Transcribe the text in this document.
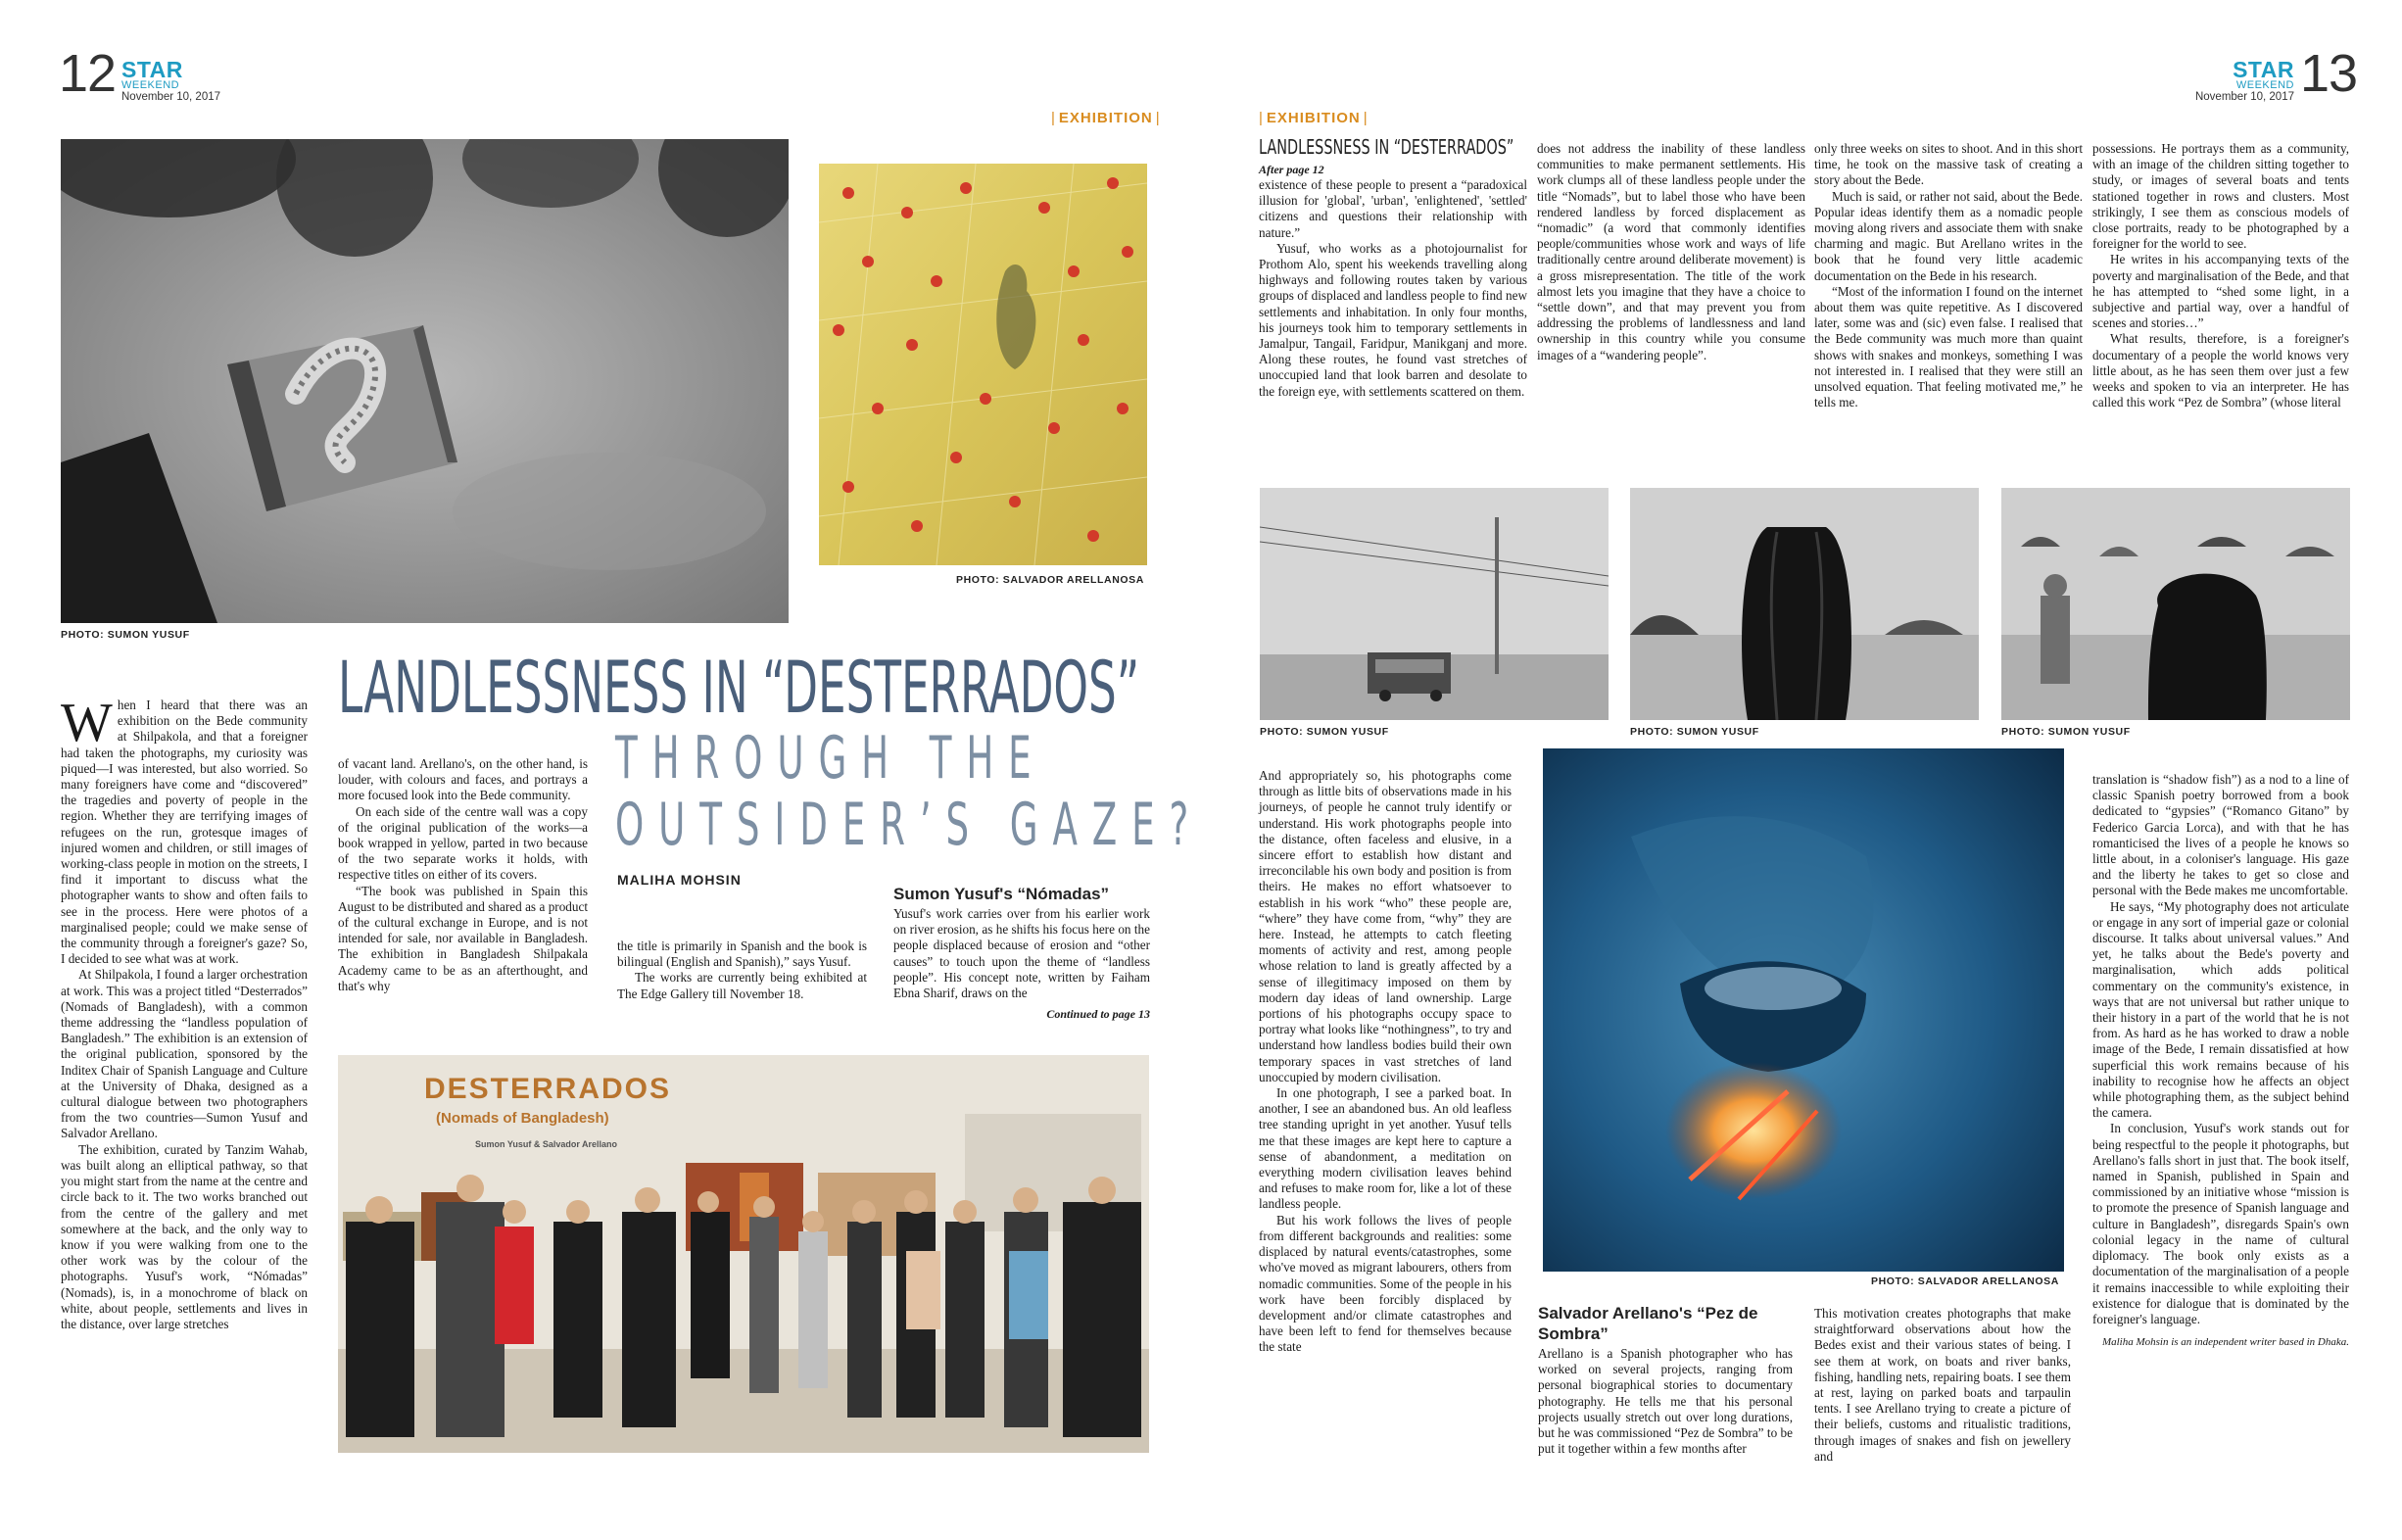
12 STAR
WEEKEND
November 10, 2017
| EXHIBITION |
PHOTO: SUMON YUSUF
PHOTO: SALVADOR ARELLANOSA
LANDLESSNESS IN “DESTERRADOS”
THROUGH THE
OUTSIDER’S GAZE?
MALIHA MOHSIN

When I heard that there was an exhibition on the Bede community at Shilpakola, and that a foreigner had taken the photographs, my curiosity was piqued—I was interested, but also worried. So many foreigners have come and “discovered” the tragedies and poverty of people in the region. Whether they are terrifying images of refugees on the run, grotesque images of injured women and children, or still images of working-class people in motion on the streets, I find it important to discuss what the photographer wants to show and often fails to see in the process. Here were photos of a marginalised people; could we make sense of the community through a foreigner's gaze? So, I decided to see what was at work.

At Shilpakola, I found a larger orchestration at work. This was a project titled “Desterrados” (Nomads of Bangladesh), with a common theme addressing the “landless population of Bangladesh.” The exhibition is an extension of the original publication, sponsored by the Inditex Chair of Spanish Language and Culture at the University of Dhaka, designed as a cultural dialogue between two photographers from the two countries—Sumon Yusuf and Salvador Arellano.

The exhibition, curated by Tanzim Wahab, was built along an elliptical pathway, so that you might start from the name at the centre and circle back to it. The two works branched out from the centre of the gallery and met somewhere at the back, and the only way to know if you were walking from one to the other work was by the colour of the photographs. Yusuf's work, “Nómadas” (Nomads), is, in a monochrome of black on white, about people, settlements and lives in the distance, over large stretches

of vacant land. Arellano's, on the other hand, is louder, with colours and faces, and portrays a more focused look into the Bede community.

On each side of the centre wall was a copy of the original publication of the works—a book wrapped in yellow, parted in two because of the two separate works it holds, with respective titles on either of its covers.

“The book was published in Spain this August to be distributed and shared as a product of the cultural exchange in Europe, and is not intended for sale, nor available in Bangladesh. The exhibition in Bangladesh Shilpakala Academy came to be as an afterthought, and that's why

the title is primarily in Spanish and the book is bilingual (English and Spanish),” says Yusuf.

The works are currently being exhibited at The Edge Gallery till November 18.

Sumon Yusuf's “Nómadas”

Yusuf's work carries over from his earlier work on river erosion, as he shifts his focus here on the people displaced because of erosion and “other causes” to touch upon the theme of “landless people”. His concept note, written by Faiham Ebna Sharif, draws on the

Continued to page 13
DESTERRADOS
(Nomads of Bangladesh)
Sumon Yusuf & Salvador Arellano
13
STAR
WEEKEND
November 10, 2017
| EXHIBITION |
LANDLESSNESS IN “DESTERRADOS”
After page 12

existence of these people to present a “paradoxical illusion for 'global', 'urban', 'enlightened', 'settled' citizens and questions their relationship with nature.”

Yusuf, who works as a photojournalist for Prothom Alo, spent his weekends travelling along highways and following routes taken by various groups of displaced and landless people to find new settlements and inhabitation. In only four months, his journeys took him to temporary settlements in Jamalpur, Tangail, Faridpur, Manikganj and more. Along these routes, he found vast stretches of unoccupied land that look barren and desolate to the foreign eye, with settlements scattered on them.

does not address the inability of these landless communities to make permanent settlements. His work clumps all of these landless people under the title “Nomads”, but to label those who have been rendered landless by forced displacement as “nomadic” (a word that commonly identifies people/communities whose work and ways of life traditionally centre around deliberate movement) is a gross misrepresentation. The title of the work almost lets you imagine that they have a choice to “settle down”, and that may prevent you from addressing the problems of landlessness and land ownership in this country while you consume images of a “wandering people”.

only three weeks on sites to shoot. And in this short time, he took on the massive task of creating a story about the Bede.

Much is said, or rather not said, about the Bede. Popular ideas identify them as a nomadic people moving along rivers and associate them with snake charming and magic. But Arellano writes in the book that he found very little academic documentation on the Bede in his research.

“Most of the information I found on the internet about them was quite repetitive. As I discovered later, some was and (sic) even false. I realised that the Bede community was much more than quaint shows with snakes and monkeys, something I was not interested in. I realised that they were still an unsolved equation. That feeling motivated me,” he tells me.

possessions. He portrays them as a community, with an image of the children sitting together to study, or images of several boats and tents stationed together in rows and clusters. Most strikingly, I see them as conscious models of close portraits, ready to be photographed by a foreigner for the world to see.

He writes in his accompanying texts of the poverty and marginalisation of the Bede, and that he has attempted to “shed some light, in a subjective and partial way, over a handful of scenes and stories…”

What results, therefore, is a foreigner's documentary of a people the world knows very little about, as he has seen them over just a few weeks and spoken to via an interpreter. He has called this work “Pez de Sombra” (whose literal

PHOTO: SUMON YUSUF	PHOTO: SUMON YUSUF	PHOTO: SUMON YUSUF

And appropriately so, his photographs come through as little bits of observations made in his journeys, of people he cannot truly identify or understand. His work photographs people into the distance, often faceless and elusive, in a sincere effort to establish how distant and irreconcilable his own body and position is from theirs. He makes no effort whatsoever to establish in his work “who” these people are, “where” they have come from, “why” they are here. Instead, he attempts to catch fleeting moments of activity and rest, among people whose relation to land is greatly affected by a sense of illegitimacy imposed on them by modern day ideas of land ownership. Large portions of his photographs occupy space to portray what looks like “nothingness”, to try and understand how landless bodies build their own temporary spaces in vast stretches of land unoccupied by modern civilisation.

In one photograph, I see a parked boat. In another, I see an abandoned bus. An old leafless tree standing upright in yet another. Yusuf tells me that these images are kept here to capture a sense of abandonment, a meditation on everything modern civilisation leaves behind and refuses to make room for, like a lot of these landless people.

But his work follows the lives of people from different backgrounds and realities: some displaced by natural events/catastrophes, some who've moved as migrant labourers, others from nomadic communities. Some of the people in his work have been forcibly displaced by development and/or climate catastrophes and have been left to fend for themselves because the state

PHOTO: SALVADOR ARELLANOSA
Salvador Arellano's “Pez de Sombra”

Arellano is a Spanish photographer who has worked on several projects, ranging from personal biographical stories to documentary photography. He tells me that his personal projects usually stretch out over long durations, but he was commissioned “Pez de Sombra” to be put it together within a few months after

This motivation creates photographs that make straightforward observations about how the Bedes exist and their various states of being. I see them at work, on boats and river banks, fishing, handling nets, repairing boats. I see them at rest, laying on parked boats and tarpaulin tents. I see Arellano trying to create a picture of their beliefs, customs and ritualistic traditions, through images of snakes and fish on jewellery and

translation is “shadow fish”) as a nod to a line of classic Spanish poetry borrowed from a book dedicated to “gypsies” (“Romanco Gitano” by Federico Garcia Lorca), and with that he has romanticised the lives of a people he knows so little about, in a coloniser's language. His gaze and the liberty he takes to get so close and personal with the Bede makes me uncomfortable.

He says, “My photography does not articulate or engage in any sort of imperial gaze or colonial discourse. It talks about universal values.” And yet, he talks about the Bede's poverty and marginalisation, which adds political commentary on the community's existence, in ways that are not universal but rather unique to their history in a part of the world that he is not from. As hard as he has worked to draw a noble image of the Bede, I remain dissatisfied at how superficial this work remains because of his inability to recognise how he affects an object while photographing them, as the subject behind the camera.

In conclusion, Yusuf's work stands out for being respectful to the people it photographs, but Arellano's falls short in just that. The book itself, named in Spanish, published in Spain and commissioned by an initiative whose “mission is to promote the presence of Spanish language and culture in Bangladesh”, disregards Spain's own colonial legacy in the name of cultural diplomacy. The book only exists as a documentation of the marginalisation of a people it remains inaccessible to while exploiting their existence for dialogue that is dominated by the foreigner's language.

Maliha Mohsin is an independent writer based in Dhaka.
